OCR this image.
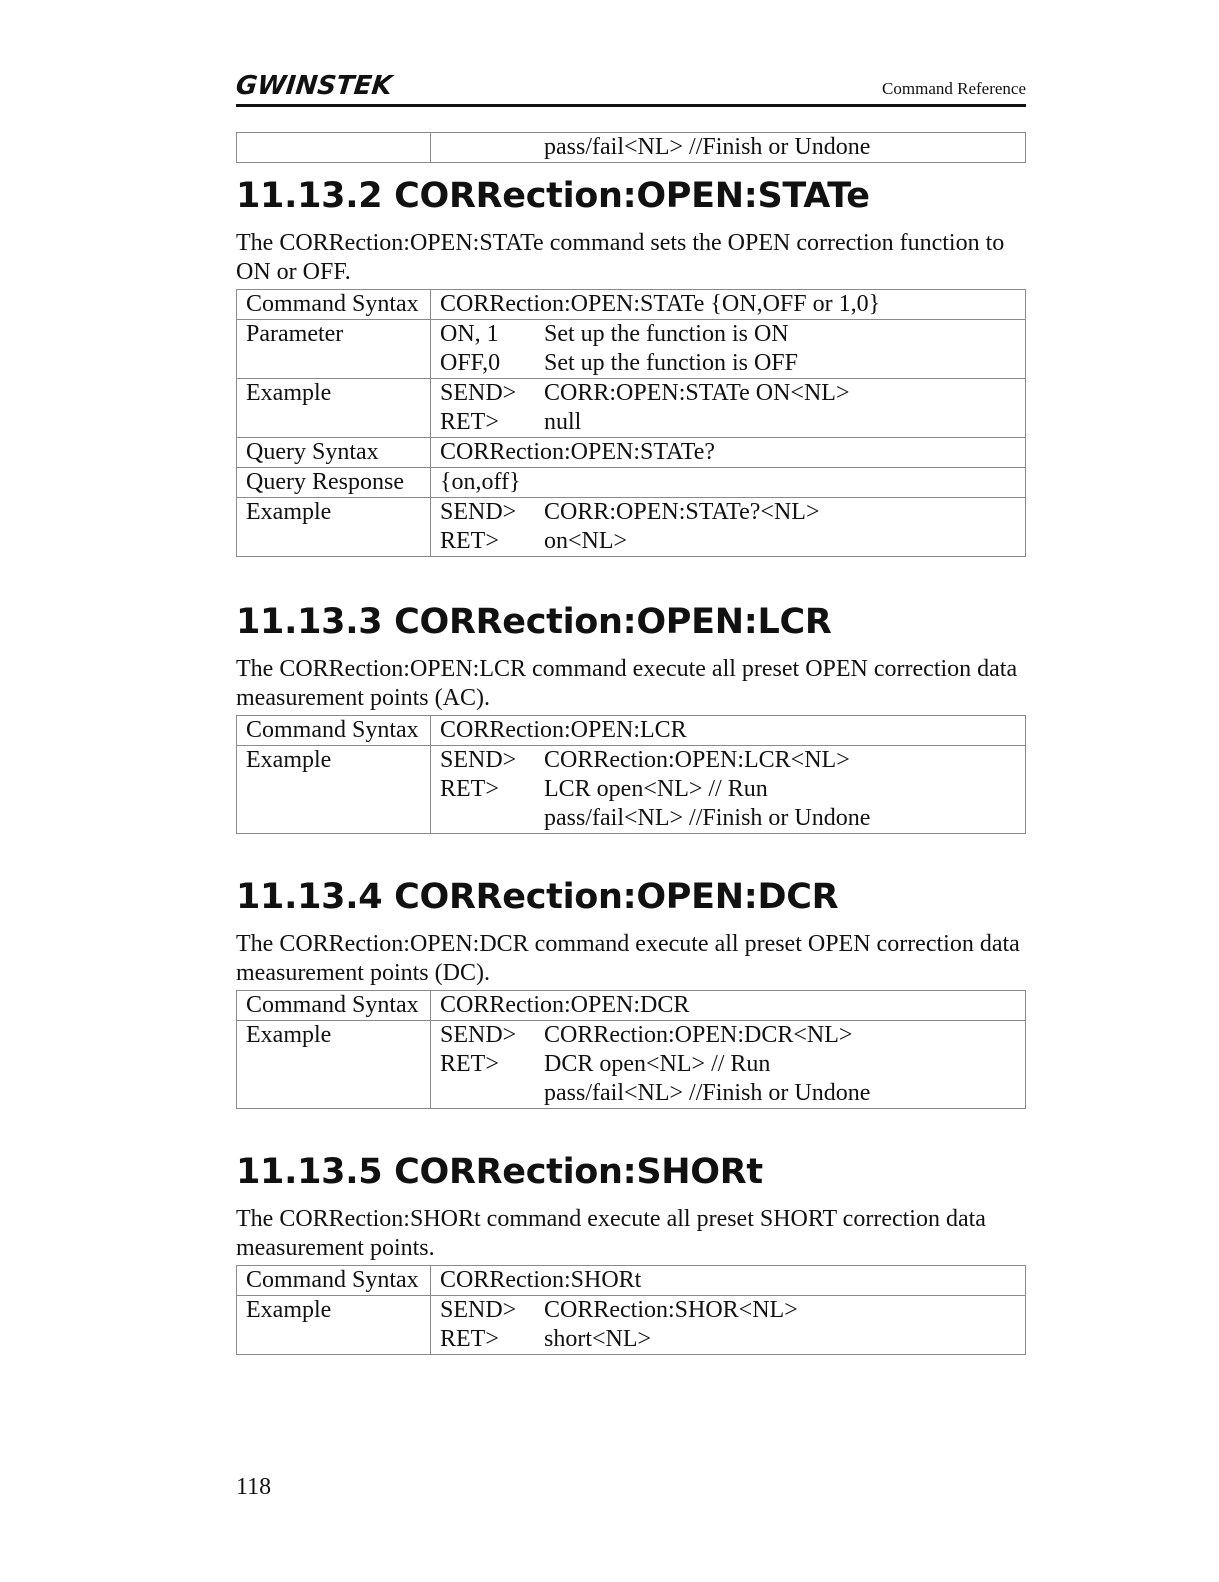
GWINSTEK	Command Reference

pass/fail<NL> //Finish or Undone
11.13.2 CORRection:OPEN:STATe

The CORRection:OPEN:STATe command sets the OPEN correction function to ON or OFF.

Command Syntax	CORRection:OPEN:STATe {ON,OFF or 1,0}
Parameter	ON, 1 Set up the function is ON
OFF,0 Set up the function is OFF

Example	SEND> CORR:OPEN:STATe ON<NL>
RET> null

Query Syntax	CORRection:OPEN:STATe?
Query Response	{on,off}
Example	SEND> CORR:OPEN:STATe?<NL>
RET> on<NL>
11.13.3 CORRection:OPEN:LCR

The CORRection:OPEN:LCR command execute all preset OPEN correction data measurement points (AC).

Command Syntax	CORRection:OPEN:LCR
Example	SEND> CORRection:OPEN:LCR<NL>
RET> LCR open<NL> // Run
pass/fail<NL> //Finish or Undone
11.13.4 CORRection:OPEN:DCR

The CORRection:OPEN:DCR command execute all preset OPEN correction data measurement points (DC).

Command Syntax	CORRection:OPEN:DCR
Example	SEND> CORRection:OPEN:DCR<NL>
RET> DCR open<NL> // Run
pass/fail<NL> //Finish or Undone
11.13.5 CORRection:SHORt

The CORRection:SHORt command execute all preset SHORT correction data measurement points.

Command Syntax	CORRection:SHORt
Example	SEND> CORRection:SHOR<NL>
RET> short<NL>
118
